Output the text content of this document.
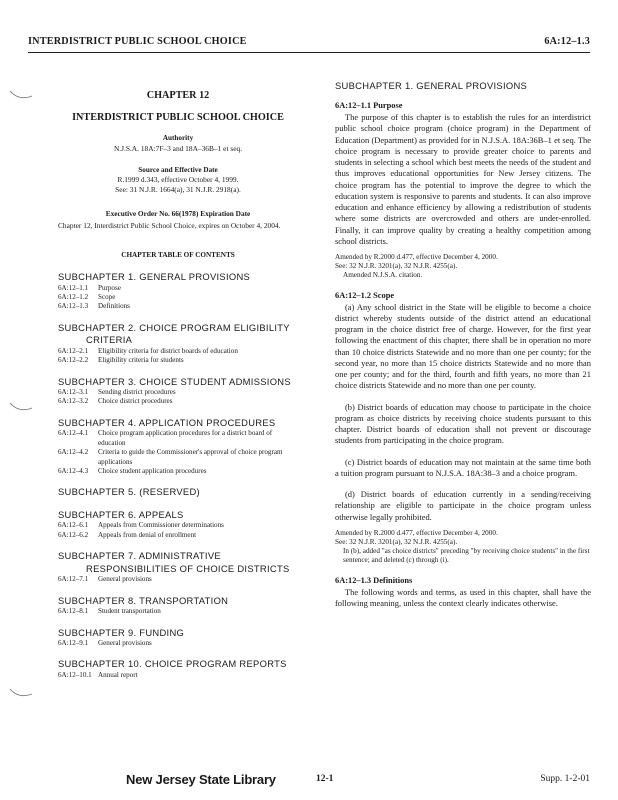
INTERDISTRICT PUBLIC SCHOOL CHOICE	6A:12–1.3
CHAPTER 12
INTERDISTRICT PUBLIC SCHOOL CHOICE
Authority
N.J.S.A. 18A:7F–3 and 18A–36B–1 et seq.
Source and Effective Date
R.1999 d.343, effective October 4, 1999.
See: 31 N.J.R. 1664(a), 31 N.J.R. 2918(a).
Executive Order No. 66(1978) Expiration Date
Chapter 12, Interdistrict Public School Choice, expires on October 4, 2004.
CHAPTER TABLE OF CONTENTS
SUBCHAPTER 1. GENERAL PROVISIONS
6A:12–1.1	Purpose
6A:12–1.2	Scope
6A:12–1.3	Definitions
SUBCHAPTER 2. CHOICE PROGRAM ELIGIBILITY
CRITERIA
6A:12–2.1	Eligibility criteria for district boards of education
6A:12–2.2	Eligibility criteria for students
SUBCHAPTER 3. CHOICE STUDENT ADMISSIONS
6A:12–3.1	Sending district procedures
6A:12–3.2	Choice district procedures
SUBCHAPTER 4. APPLICATION PROCEDURES
6A:12–4.1	Choice program application procedures for a district board of education
6A:12–4.2	Criteria to guide the Commissioner's approval of choice program applications
6A:12–4.3	Choice student application procedures
SUBCHAPTER 5. (RESERVED)
SUBCHAPTER 6. APPEALS
6A:12–6.1	Appeals from Commissioner determinations
6A:12–6.2	Appeals from denial of enrollment
SUBCHAPTER 7. ADMINISTRATIVE
RESPONSIBILITIES OF CHOICE DISTRICTS
6A:12–7.1	General provisions
SUBCHAPTER 8. TRANSPORTATION
6A:12–8.1	Student transportation
SUBCHAPTER 9. FUNDING
6A:12–9.1	General provisions
SUBCHAPTER 10. CHOICE PROGRAM REPORTS
6A:12–10.1 Annual report
SUBCHAPTER 1. GENERAL PROVISIONS
6A:12–1.1 Purpose

The purpose of this chapter is to establish the rules for an interdistrict public school choice program (choice program) in the Department of Education (Department) as provided for in N.J.S.A. 18A:36B–1 et seq. The choice program is necessary to provide greater choice to parents and students in selecting a school which best meets the needs of the student and thus improves educational opportunities for New Jersey citizens. The choice program has the potential to improve the degree to which the education system is responsive to parents and students. It can also improve education and enhance efficiency by allowing a redistribution of students where some districts are overcrowded and others are under-enrolled. Finally, it can improve quality by creating a healthy competition among school districts.

Amended by R.2000 d.477, effective December 4, 2000.
See: 32 N.J.R. 3201(a), 32 N.J.R. 4255(a).
Amended N.J.S.A. citation.
6A:12–1.2 Scope

(a) Any school district in the State will be eligible to become a choice district whereby students outside of the district attend an educational program in the choice district free of charge. However, for the first year following the enactment of this chapter, there shall be in operation no more than 10 choice districts Statewide and no more than one per county; for the second year, no more than 15 choice districts Statewide and no more than one per county; and for the third, fourth and fifth years, no more than 21 choice districts Statewide and no more than one per county.

(b) District boards of education may choose to participate in the choice program as choice districts by receiving choice students pursuant to this chapter. District boards of education shall not prevent or discourage students from participating in the choice program.

(c) District boards of education may not maintain at the same time both a tuition program pursuant to N.J.S.A. 18A:38–3 and a choice program.

(d) District boards of education currently in a sending/receiving relationship are eligible to participate in the choice program unless otherwise legally prohibited.

Amended by R.2000 d.477, effective December 4, 2000.
See: 32 N.J.R. 3201(a), 32 N.J.R. 4255(a).
In (b), added "as choice districts" preceding "by receiving choice students" in the first sentence; and deleted (c) through (i).
6A:12–1.3 Definitions

The following words and terms, as used in this chapter, shall have the following meaning, unless the context clearly indicates otherwise.

New Jersey State Library	12-1	Supp. 1-2-01
